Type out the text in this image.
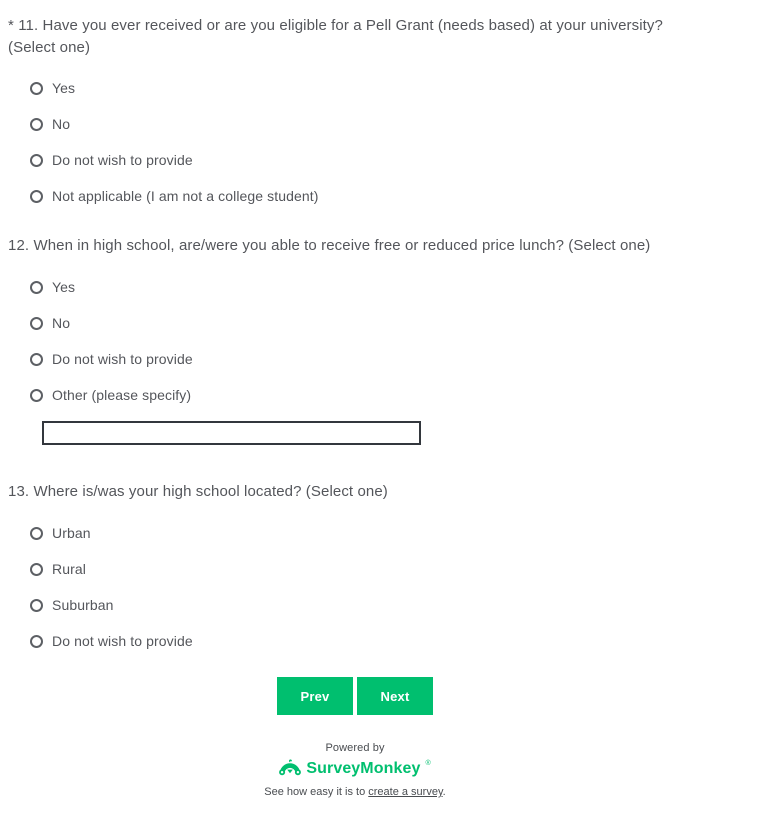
* 11. Have you ever received or are you eligible for a Pell Grant (needs based) at your university? (Select one)
Yes
No
Do not wish to provide
Not applicable (I am not a college student)
12. When in high school, are/were you able to receive free or reduced price lunch? (Select one)
Yes
No
Do not wish to provide
Other (please specify)
13. Where is/was your high school located? (Select one)
Urban
Rural
Suburban
Do not wish to provide
Prev	Next
Powered by
SurveyMonkey ®
See how easy it is to create a survey.
